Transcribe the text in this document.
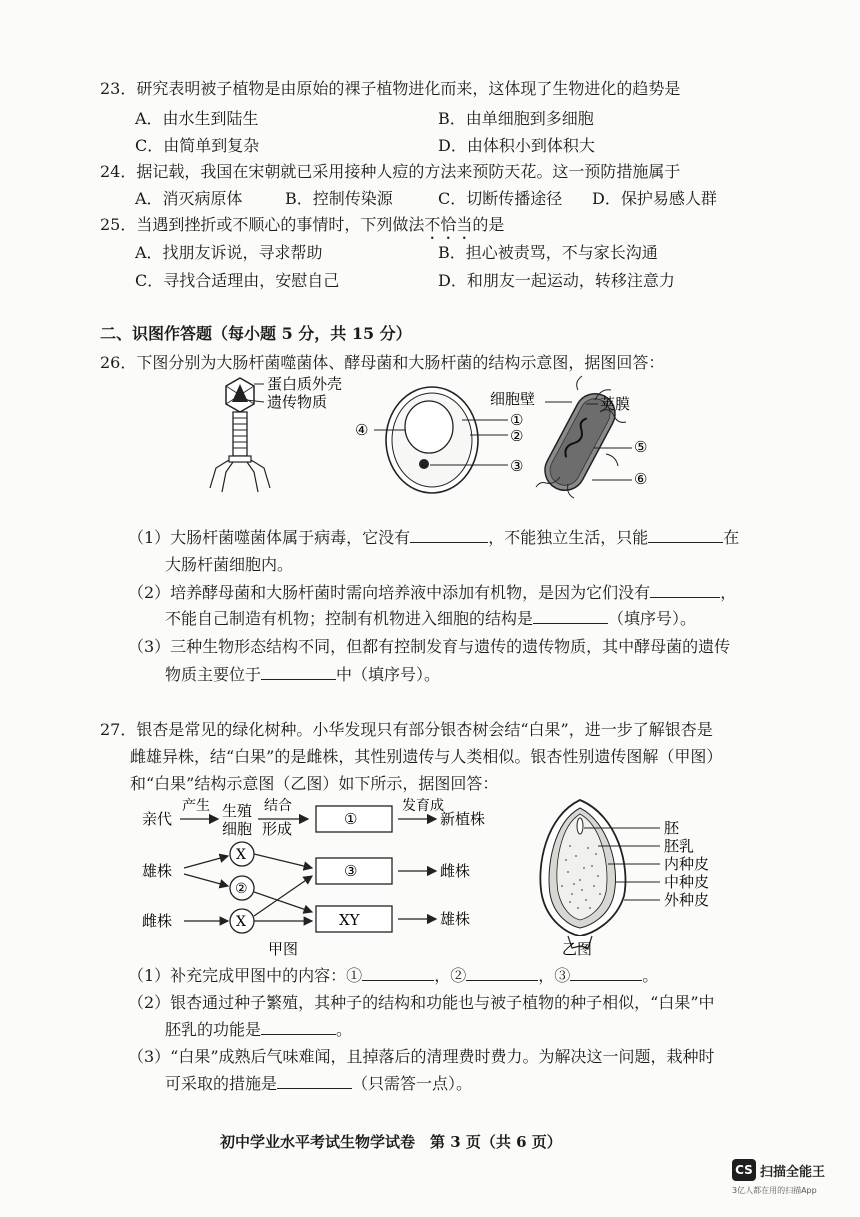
23．研究表明被子植物是由原始的裸子植物进化而来，这体现了生物进化的趋势是
A．由水生到陆生	B．由单细胞到多细胞
C．由简单到复杂	D．由体积小到体积大
24．据记载，我国在宋朝就已采用接种人痘的方法来预防天花。这一预防措施属于
A．消灭病原体	B．控制传染源	C．切断传播途径 D．保护易感人群
25．当遇到挫折或不顺心的事情时，下列做法不恰当的是
A．找朋友诉说，寻求帮助	B．担心被责骂，不与家长沟通
C．寻找合适理由，安慰自己	D．和朋友一起运动，转移注意力
二、识图作答题（每小题 5 分，共 15 分）
26．下图分别为大肠杆菌噬菌体、酵母菌和大肠杆菌的结构示意图，据图回答：
蛋白质外壳
遗传物质
④
①
②
③
细胞壁	荚膜
⑤
⑥
（1）大肠杆菌噬菌体属于病毒，它没有	，不能独立生活，只能	在
大肠杆菌细胞内。
（2）培养酵母菌和大肠杆菌时需向培养液中添加有机物，是因为它们没有	，
不能自己制造有机物；控制有机物进入细胞的结构是	（填序号）。
（3）三种生物形态结构不同，但都有控制发育与遗传的遗传物质，其中酵母菌的遗传
物质主要位于	中（填序号）。
27．银杏是常见的绿化树种。小华发现只有部分银杏树会结“白果”，进一步了解银杏是
雌雄异株，结“白果”的是雌株，其性别遗传与人类相似。银杏性别遗传图解（甲图）
和“白果”结构示意图（乙图）如下所示，据图回答：
亲代
产生 生殖
细胞
结合
形成
①
发育成
新植株
雄株
X
②
③	雌株
雌株	X	XY	雄株
甲图
胚
胚乳
内种皮
中种皮
外种皮
乙图
（1）补充完成甲图中的内容：①	，②	，③	。
（2）银杏通过种子繁殖，其种子的结构和功能也与被子植物的种子相似，“白果”中
胚乳的功能是	。
（3）“白果”成熟后气味难闻，且掉落后的清理费时费力。为解决这一问题，栽种时
可采取的措施是	（只需答一点）。
初中学业水平考试生物学试卷　第 3 页（共 6 页）
CS 扫描全能王
3亿人都在用的扫描App
